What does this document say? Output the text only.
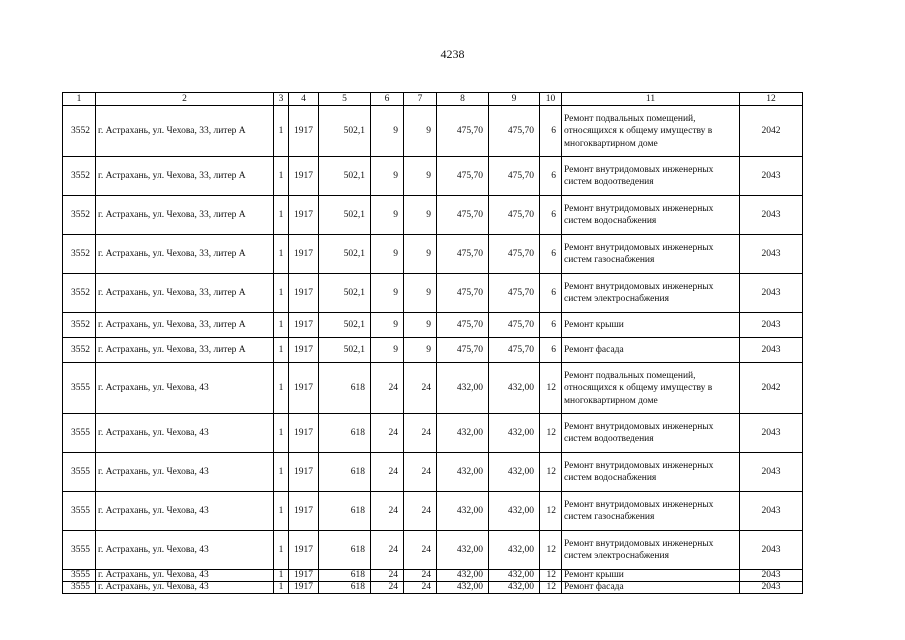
4238
1	2	3	4	5	6	7	8	9	10	11	12
3552	г. Астрахань, ул. Чехова, 33, литер А	1	1917	502,1	9	9	475,70	475,70	6	Ремонт подвальных помещений, относящихся к общему имуществу в многоквартирном доме	2042
3552	г. Астрахань, ул. Чехова, 33, литер А	1	1917	502,1	9	9	475,70	475,70	6	Ремонт внутридомовых инженерных систем водоотведения	2043
3552	г. Астрахань, ул. Чехова, 33, литер А	1	1917	502,1	9	9	475,70	475,70	6	Ремонт внутридомовых инженерных систем водоснабжения	2043
3552	г. Астрахань, ул. Чехова, 33, литер А	1	1917	502,1	9	9	475,70	475,70	6	Ремонт внутридомовых инженерных систем газоснабжения	2043
3552	г. Астрахань, ул. Чехова, 33, литер А	1	1917	502,1	9	9	475,70	475,70	6	Ремонт внутридомовых инженерных систем электроснабжения	2043
3552	г. Астрахань, ул. Чехова, 33, литер А	1	1917	502,1	9	9	475,70	475,70	6	Ремонт крыши	2043
3552	г. Астрахань, ул. Чехова, 33, литер А	1	1917	502,1	9	9	475,70	475,70	6	Ремонт фасада	2043
3555	г. Астрахань, ул. Чехова, 43	1	1917	618	24	24	432,00	432,00	12	Ремонт подвальных помещений, относящихся к общему имуществу в многоквартирном доме	2042
3555	г. Астрахань, ул. Чехова, 43	1	1917	618	24	24	432,00	432,00	12	Ремонт внутридомовых инженерных систем водоотведения	2043
3555	г. Астрахань, ул. Чехова, 43	1	1917	618	24	24	432,00	432,00	12	Ремонт внутридомовых инженерных систем водоснабжения	2043
3555	г. Астрахань, ул. Чехова, 43	1	1917	618	24	24	432,00	432,00	12	Ремонт внутридомовых инженерных систем газоснабжения	2043
3555	г. Астрахань, ул. Чехова, 43	1	1917	618	24	24	432,00	432,00	12	Ремонт внутридомовых инженерных систем электроснабжения	2043
3555	г. Астрахань, ул. Чехова, 43	1	1917	618	24	24	432,00	432,00	12	Ремонт крыши	2043
3555	г. Астрахань, ул. Чехова, 43	1	1917	618	24	24	432,00	432,00	12	Ремонт фасада	2043
